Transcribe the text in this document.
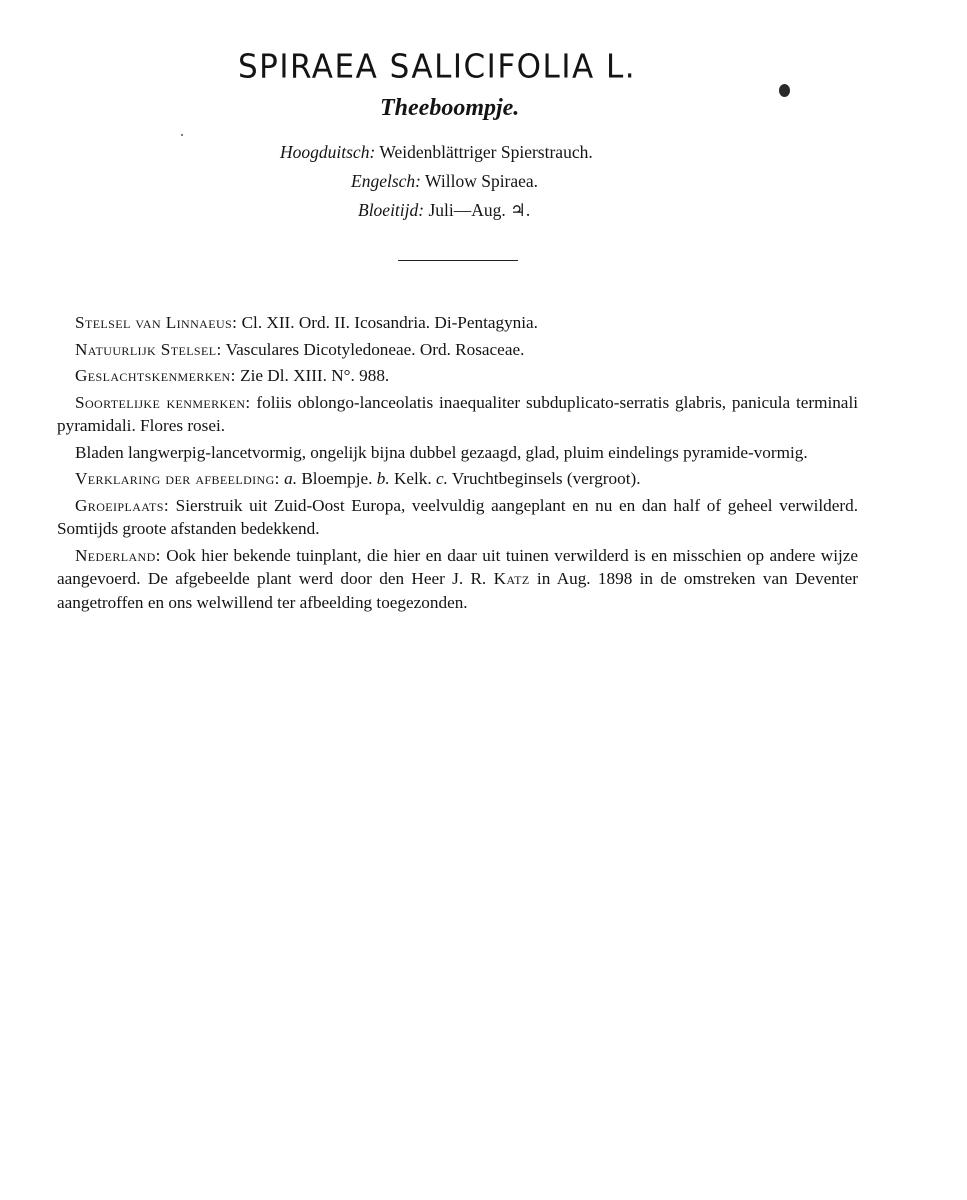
SPIRAEA SALICIFOLIA L.
Theeboompje.
Hoogduitsch: Weidenblättriger Spierstrauch.
Engelsch: Willow Spiraea.
Bloeitijd: Juli—Aug. ♃.

Stelsel van Linnaeus: Cl. XII. Ord. II. Icosandria. Di-Pentagynia.

Natuurlijk Stelsel: Vasculares Dicotyledoneae. Ord. Rosaceae.

Geslachtskenmerken: Zie Dl. XIII. N°. 988.

Soortelijke kenmerken: foliis oblongo-lanceolatis inaequaliter subduplicato-serratis glabris, panicula terminali pyramidali. Flores rosei.

Bladen langwerpig-lancetvormig, ongelijk bijna dubbel gezaagd, glad, pluim eindelings pyramide-vormig.

Verklaring der afbeelding: a. Bloempje. b. Kelk. c. Vruchtbeginsels (vergroot).

Groeiplaats: Sierstruik uit Zuid-Oost Europa, veelvuldig aangeplant en nu en dan half of geheel verwilderd. Somtijds groote afstanden bedekkend.

Nederland: Ook hier bekende tuinplant, die hier en daar uit tuinen verwilderd is en misschien op andere wijze aangevoerd. De afgebeelde plant werd door den Heer J. R. Katz in Aug. 1898 in de omstreken van Deventer aangetroffen en ons welwillend ter afbeelding toegezonden.
